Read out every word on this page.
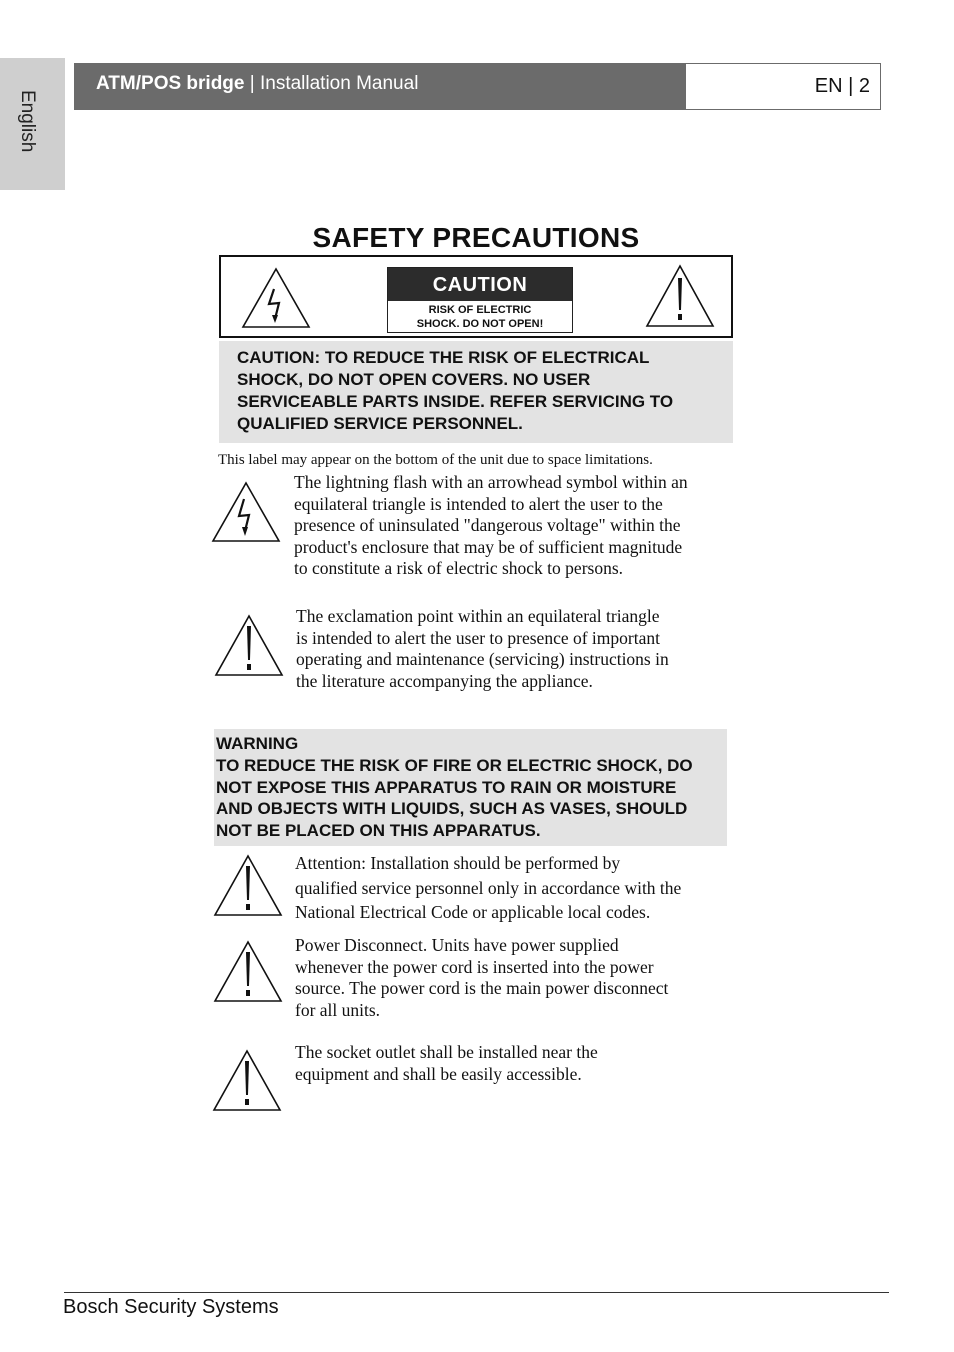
English
ATM/POS bridge | Installation Manual	EN | 2
SAFETY PRECAUTIONS
CAUTION
RISK OF ELECTRIC
SHOCK. DO NOT OPEN!
CAUTION: TO REDUCE THE RISK OF ELECTRICAL
SHOCK, DO NOT OPEN COVERS. NO USER
SERVICEABLE PARTS INSIDE. REFER SERVICING TO
QUALIFIED SERVICE PERSONNEL.
This label may appear on the bottom of the unit due to space limitations.
The lightning flash with an arrowhead symbol within an
equilateral triangle is intended to alert the user to the
presence of uninsulated "dangerous voltage" within the
product's enclosure that may be of sufficient magnitude
to constitute a risk of electric shock to persons.
The exclamation point within an equilateral triangle
is intended to alert the user to presence of important
operating and maintenance (servicing) instructions in
the literature accompanying the appliance.
WARNING
TO REDUCE THE RISK OF FIRE OR ELECTRIC SHOCK, DO
NOT EXPOSE THIS APPARATUS TO RAIN OR MOISTURE
AND OBJECTS WITH LIQUIDS, SUCH AS VASES, SHOULD
NOT BE PLACED ON THIS APPARATUS.
Attention: Installation should be performed by
qualified service personnel only in accordance with the
National Electrical Code or applicable local codes.
Power Disconnect. Units have power supplied
whenever the power cord is inserted into the power
source. The power cord is the main power disconnect
for all units.
The socket outlet shall be installed near the
equipment and shall be easily accessible.
Bosch Security Systems
